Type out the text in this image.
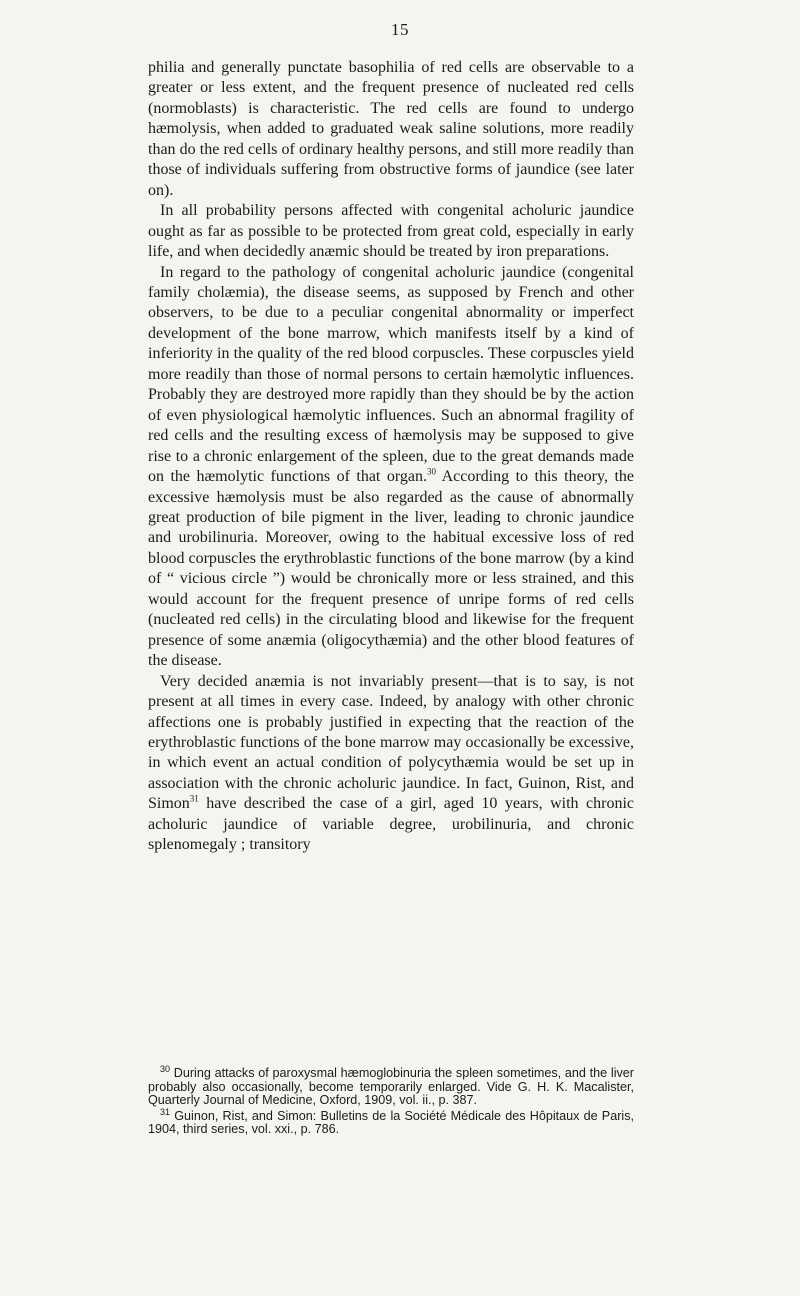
15

philia and generally punctate basophilia of red cells are observable to a greater or less extent, and the frequent presence of nucleated red cells (normoblasts) is characteristic. The red cells are found to undergo hæmolysis, when added to graduated weak saline solutions, more readily than do the red cells of ordinary healthy persons, and still more readily than those of individuals suffering from obstructive forms of jaundice (see later on).

In all probability persons affected with congenital acholuric jaundice ought as far as possible to be protected from great cold, especially in early life, and when decidedly anæmic should be treated by iron preparations.

In regard to the pathology of congenital acholuric jaundice (congenital family cholæmia), the disease seems, as supposed by French and other observers, to be due to a peculiar congenital abnormality or imperfect development of the bone marrow, which manifests itself by a kind of inferiority in the quality of the red blood corpuscles. These corpuscles yield more readily than those of normal persons to certain hæmolytic influences. Probably they are destroyed more rapidly than they should be by the action of even physiological hæmolytic influences. Such an abnormal fragility of red cells and the resulting excess of hæmolysis may be supposed to give rise to a chronic enlargement of the spleen, due to the great demands made on the hæmolytic functions of that organ.$^{30}$ According to this theory, the excessive hæmolysis must be also regarded as the cause of abnormally great production of bile pigment in the liver, leading to chronic jaundice and urobilinuria. Moreover, owing to the habitual excessive loss of red blood corpuscles the erythroblastic functions of the bone marrow (by a kind of “ vicious circle ”) would be chronically more or less strained, and this would account for the frequent presence of unripe forms of red cells (nucleated red cells) in the circulating blood and likewise for the frequent presence of some anæmia (oligocythæmia) and the other blood features of the disease.

Very decided anæmia is not invariably present—that is to say, is not present at all times in every case. Indeed, by analogy with other chronic affections one is probably justified in expecting that the reaction of the erythroblastic functions of the bone marrow may occasionally be excessive, in which event an actual condition of polycythæmia would be set up in association with the chronic acholuric jaundice. In fact, Guinon, Rist, and Simon$^{31}$ have described the case of a girl, aged 10 years, with chronic acholuric jaundice of variable degree, urobilinuria, and chronic splenomegaly ; transitory

$^{30}$ During attacks of paroxysmal hæmoglobinuria the spleen sometimes, and the liver probably also occasionally, become temporarily enlarged. Vide G. H. K. Macalister, Quarterly Journal of Medicine, Oxford, 1909, vol. ii., p. 387.

$^{31}$ Guinon, Rist, and Simon: Bulletins de la Société Médicale des Hôpitaux de Paris, 1904, third series, vol. xxi., p. 786.
